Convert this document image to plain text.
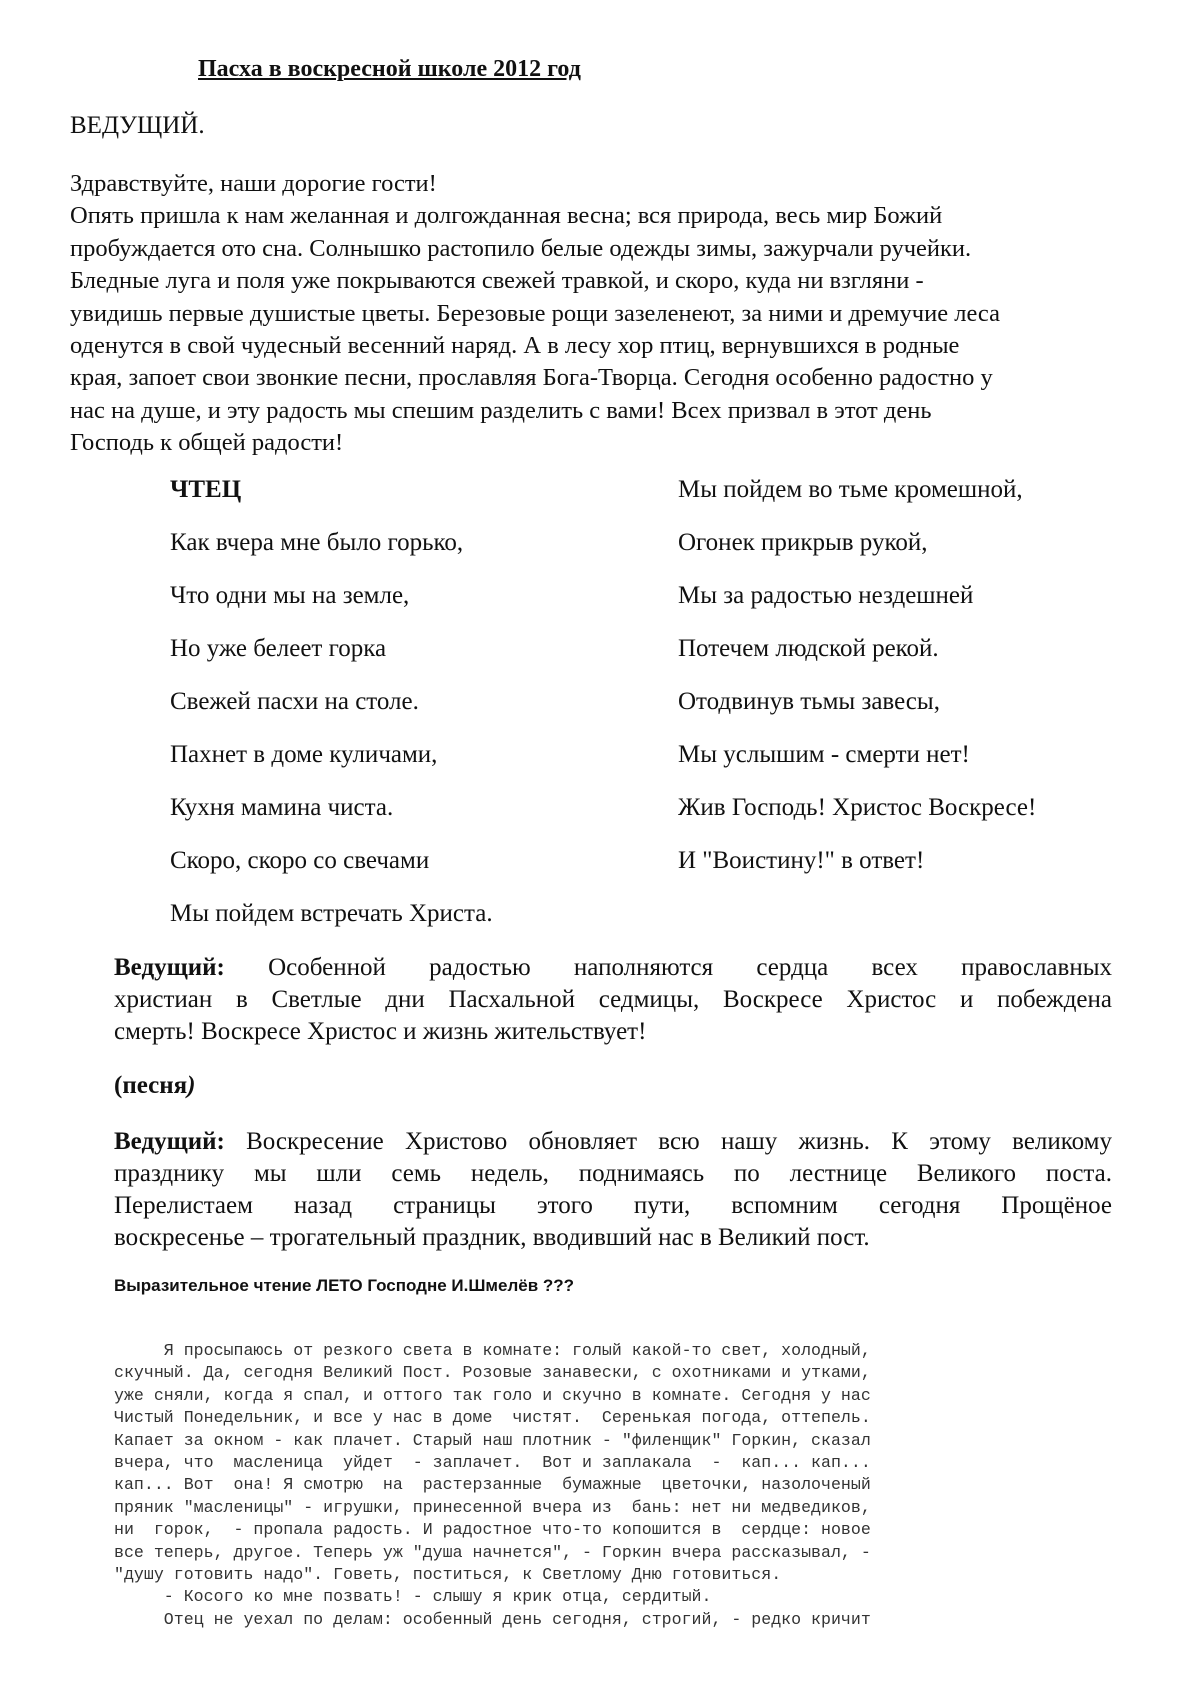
Пасха в воскресной школе 2012 год
ВЕДУЩИЙ.
Здравствуйте, наши дорогие гости!
Опять пришла к нам желанная и долгожданная весна; вся природа, весь мир Божий
пробуждается ото сна. Солнышко растопило белые одежды зимы, зажурчали ручейки.
Бледные луга и поля уже покрываются свежей травкой, и скоро, куда ни взгляни -
увидишь первые душистые цветы. Березовые рощи зазеленеют, за ними и дремучие леса
оденутся в свой чудесный весенний наряд. А в лесу хор птиц, вернувшихся в родные
края, запоет свои звонкие песни, прославляя Бога-Творца. Сегодня особенно радостно у
нас на душе, и эту радость мы спешим разделить с вами! Всех призвал в этот день
Господь к общей радости!
ЧТЕЦ
Как вчера мне было горько,
Что одни мы на земле,
Но уже белеет горка
Свежей пасхи на столе.
Пахнет в доме куличами,
Кухня мамина чиста.
Скоро, скоро со свечами
Мы пойдем встречать Христа.
Мы пойдем во тьме кромешной,
Огонек прикрыв рукой,
Мы за радостью нездешней
Потечем людской рекой.
Отодвинув тьмы завесы,
Мы услышим - смерти нет!
Жив Господь! Христос Воскресе!
И "Воистину!" в ответ!
Ведущий: Особенной радостью наполняются сердца всех православных
христиан в Светлые дни Пасхальной седмицы, Воскресе Христос и побеждена
смерть! Воскресе Христос и жизнь жительствует!
(песня)
Ведущий: Воскресение Христово обновляет всю нашу жизнь. К этому великому
празднику мы шли семь недель, поднимаясь по лестнице Великого поста.
Перелистаем назад страницы этого пути, вспомним сегодня Прощёное
воскресенье – трогательный праздник, вводивший нас в Великий пост.
Выразительное чтение ЛЕТО Господне И.Шмелёв ???
Я просыпаюсь от резкого света в комнате: голый какой-то свет, холодный,
скучный. Да, сегодня Великий Пост. Розовые занавески, с охотниками и утками,
уже сняли, когда я спал, и оттого так голо и скучно в комнате. Сегодня у нас
Чистый Понедельник, и все у нас в доме  чистят.  Серенькая погода, оттепель.
Капает за окном - как плачет. Старый наш плотник - "филенщик" Горкин, сказал
вчера, что  масленица  уйдет  - заплачет.  Вот и заплакала  -  кап... кап...
кап... Вот  она! Я смотрю  на  растерзанные  бумажные  цветочки, назолоченый
пряник "масленицы" - игрушки, принесенной вчера из  бань: нет ни медведиков,
ни  горок,  - пропала радость. И радостное что-то копошится в  сердце: новое
все теперь, другое. Теперь уж "душа начнется", - Горкин вчера рассказывал, -
"душу готовить надо". Говеть, поститься, к Светлому Дню готовиться.
- Косого ко мне позвать! - слышу я крик отца, сердитый.
Отец не уехал по делам: особенный день сегодня, строгий, - редко кричит
